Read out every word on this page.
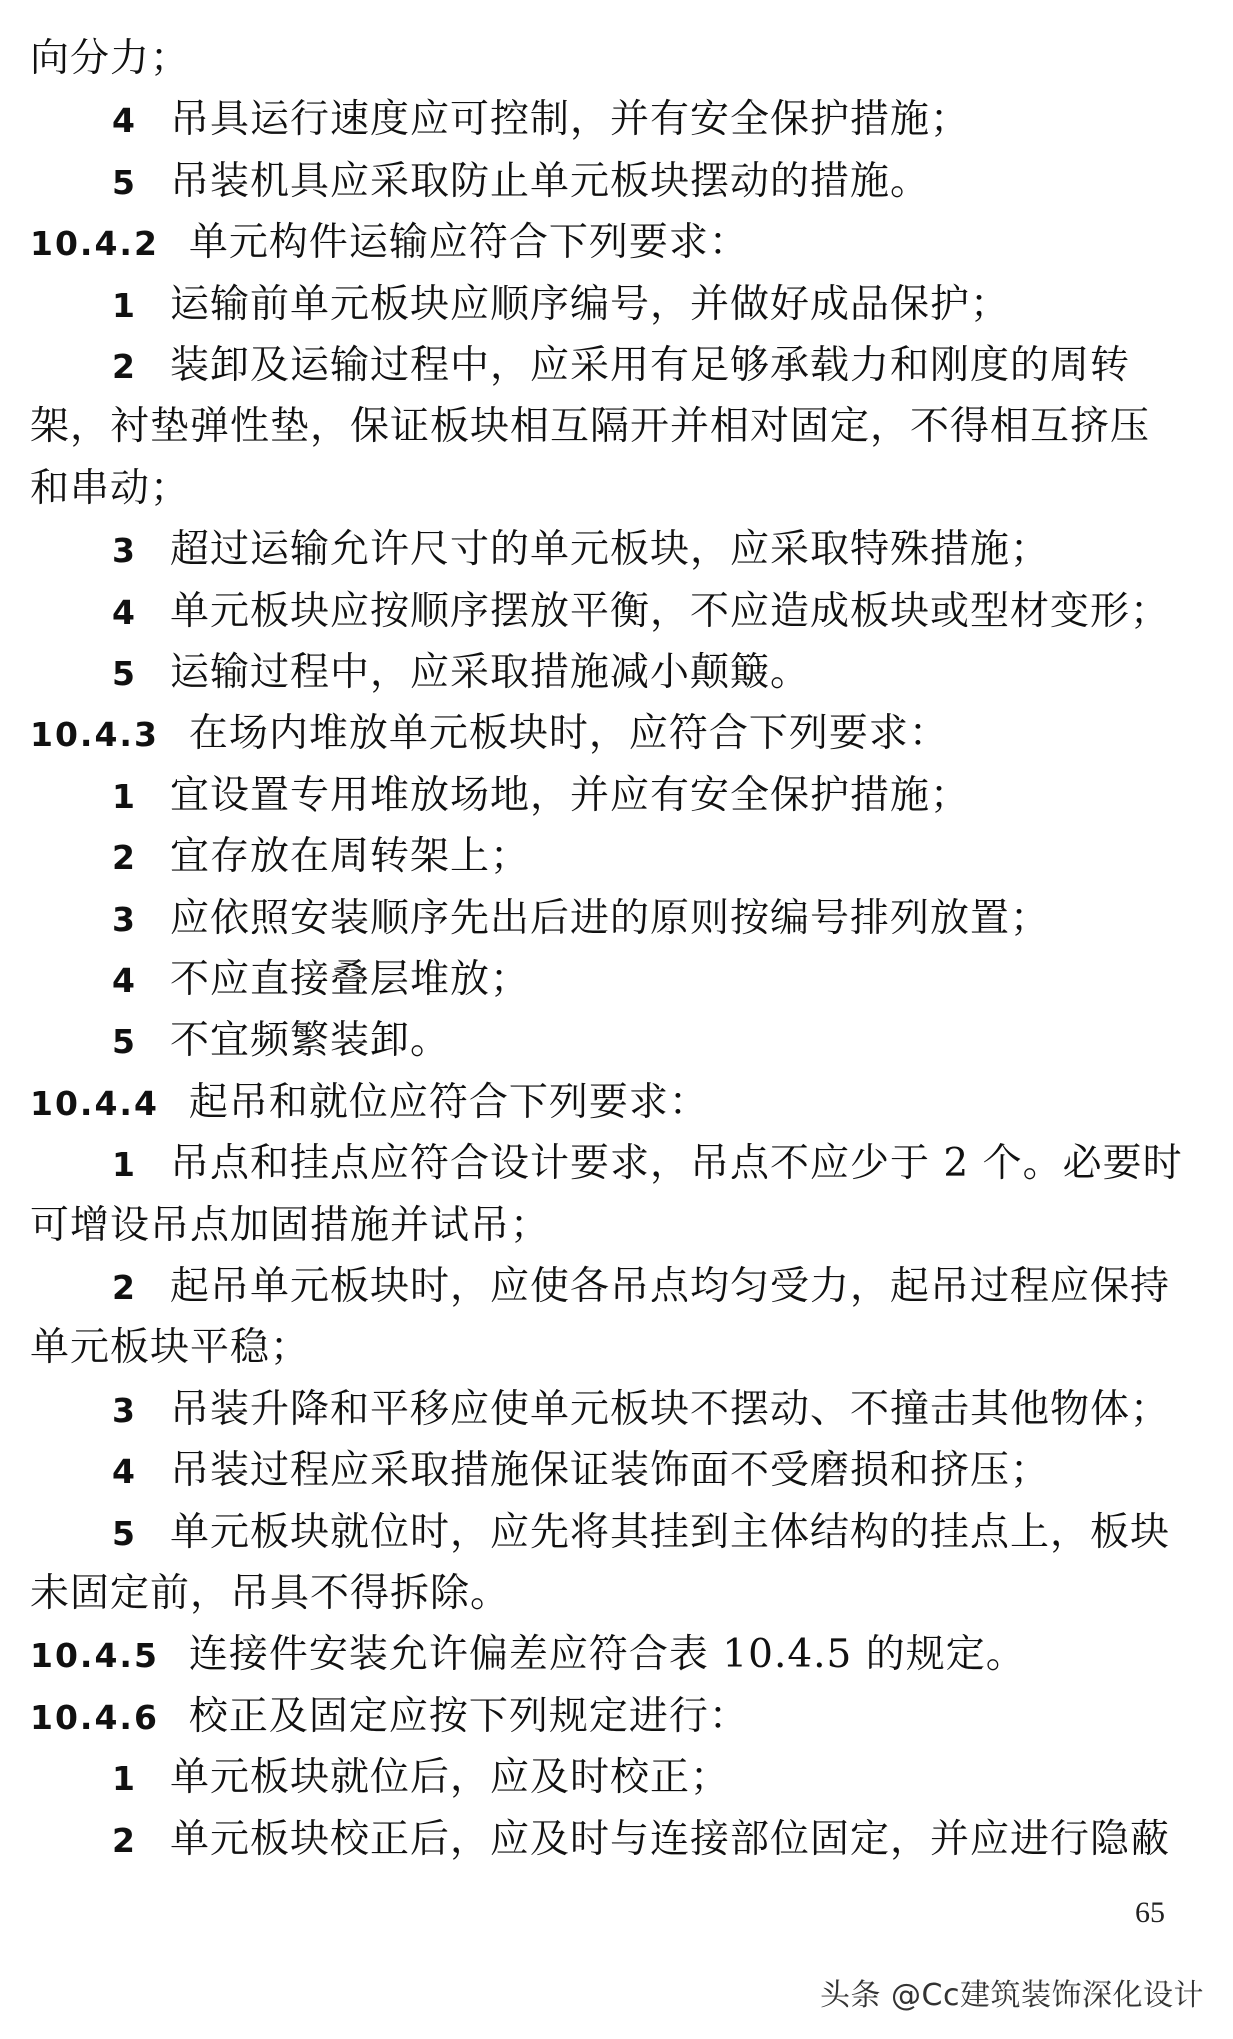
向分力；
4 吊具运行速度应可控制，并有安全保护措施；
5 吊装机具应采取防止单元板块摆动的措施。
10.4.2 单元构件运输应符合下列要求：
1 运输前单元板块应顺序编号，并做好成品保护；
2 装卸及运输过程中，应采用有足够承载力和刚度的周转
架，衬垫弹性垫，保证板块相互隔开并相对固定，不得相互挤压
和串动；
3 超过运输允许尺寸的单元板块，应采取特殊措施；
4 单元板块应按顺序摆放平衡，不应造成板块或型材变形；
5 运输过程中，应采取措施减小颠簸。
10.4.3 在场内堆放单元板块时，应符合下列要求：
1 宜设置专用堆放场地，并应有安全保护措施；
2 宜存放在周转架上；
3 应依照安装顺序先出后进的原则按编号排列放置；
4 不应直接叠层堆放；
5 不宜频繁装卸。
10.4.4 起吊和就位应符合下列要求：
1 吊点和挂点应符合设计要求，吊点不应少于 2 个。必要时
可增设吊点加固措施并试吊；
2 起吊单元板块时，应使各吊点均匀受力，起吊过程应保持
单元板块平稳；
3 吊装升降和平移应使单元板块不摆动、不撞击其他物体；
4 吊装过程应采取措施保证装饰面不受磨损和挤压；
5 单元板块就位时，应先将其挂到主体结构的挂点上，板块
未固定前，吊具不得拆除。
10.4.5 连接件安装允许偏差应符合表 10.4.5 的规定。
10.4.6 校正及固定应按下列规定进行：
1 单元板块就位后，应及时校正；
2 单元板块校正后，应及时与连接部位固定，并应进行隐蔽
65
头条 @Cc建筑装饰深化设计
